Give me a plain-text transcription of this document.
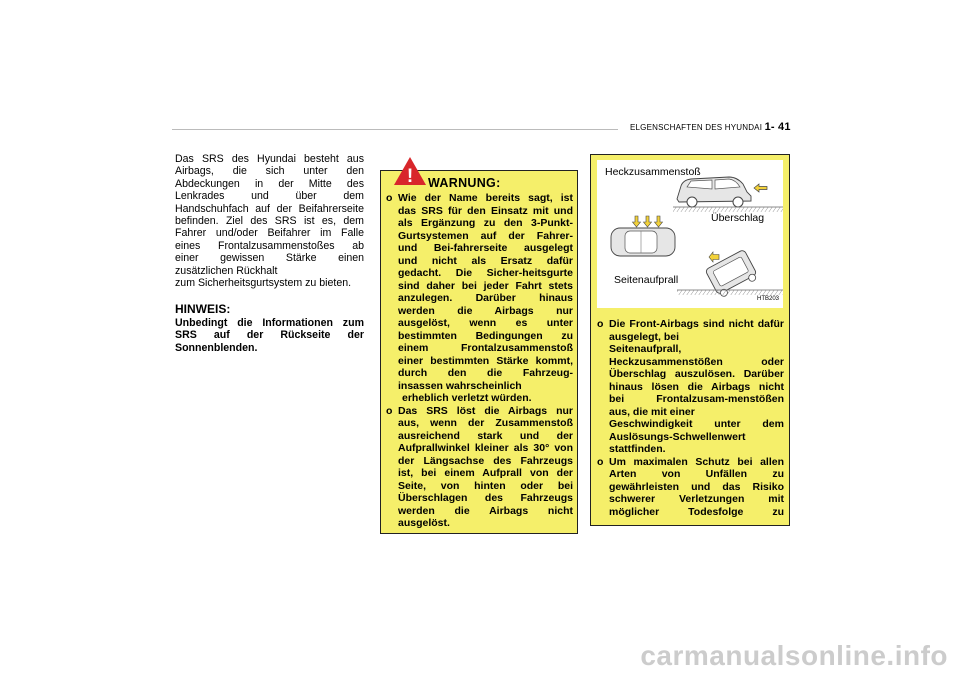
ELGENSCHAFTEN DES HYUNDAI 1- 41
Das SRS des Hyundai besteht aus
Airbags, die sich unter den
Abdeckungen in der Mitte des
Lenkrades und über dem
Handschuhfach auf der Beifahrerseite
befinden. Ziel des SRS ist es, dem
Fahrer und/oder Beifahrer im Falle
eines Frontalzusammenstoßes ab
einer gewissen Stärke einen
zusätzlichen Rückhalt
zum Sicherheitsgurtsystem zu bieten.
HINWEIS:
Unbedingt die Informationen zum
SRS auf der Rückseite der
Sonnenblenden.
! WARNUNG:
o Wie der Name bereits sagt, ist
das SRS für den Einsatz mit und
als Ergänzung zu den 3-Punkt-
Gurtsystemen auf der Fahrer-
und Bei-fahrerseite ausgelegt
und nicht als Ersatz dafür
gedacht. Die Sicher-heitsgurte
sind daher bei jeder Fahrt stets
anzulegen. Darüber hinaus
werden die Airbags nur
ausgelöst, wenn es unter
bestimmten Bedingungen zu
einem Frontalzusammenstoß
einer bestimmten Stärke kommt,
durch den die Fahrzeug-
insassen wahrscheinlich
erheblich verletzt würden.
o Das SRS löst die Airbags nur
aus, wenn der Zusammenstoß
ausreichend stark und der
Aufprallwinkel kleiner als 30° von
der Längsachse des Fahrzeugs
ist, bei einem Aufprall von der
Seite, von hinten oder bei
Überschlagen des Fahrzeugs
werden die Airbags nicht
ausgelöst.
Heckzusammenstoß
Überschlag
Seitenaufprall
HTB203
o Die Front-Airbags sind nicht dafür
ausgelegt, bei
Seitenaufprall,
Heckzusammenstößen oder
Überschlag auszulösen. Darüber
hinaus lösen die Airbags nicht
bei Frontalzusam-menstößen
aus, die mit einer
Geschwindigkeit unter dem
Auslösungs-Schwellenwert
stattfinden.
o Um maximalen Schutz bei allen
Arten von Unfällen zu
gewährleisten und das Risiko
schwerer Verletzungen mit
möglicher Todesfolge zu
carmanualsonline.info
